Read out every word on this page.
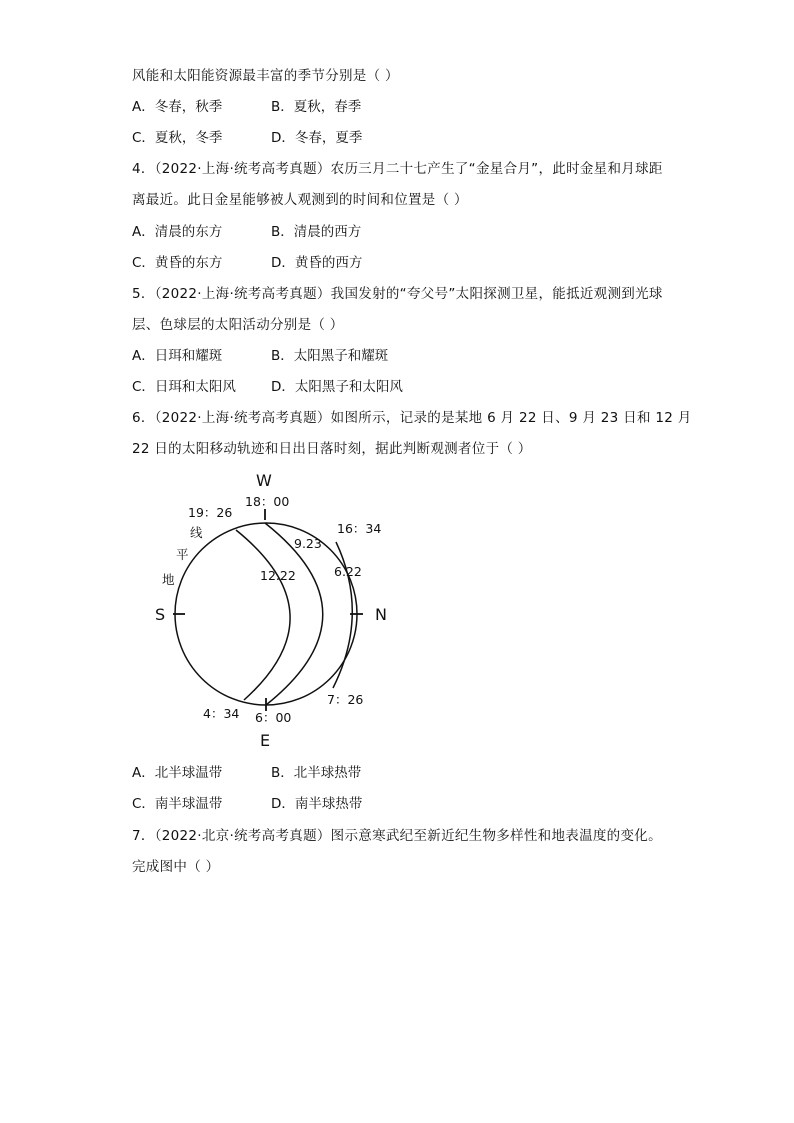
风能和太阳能资源最丰富的季节分别是（ ）
A．冬春，秋季	B．夏秋，春季
C．夏秋，冬季	D．冬春，夏季
4．（2022·上海·统考高考真题）农历三月二十七产生了“金星合月”，此时金星和月球距
离最近。此日金星能够被人观测到的时间和位置是（ ）
A．清晨的东方	B．清晨的西方
C．黄昏的东方	D．黄昏的西方
5．（2022·上海·统考高考真题）我国发射的“夸父号”太阳探测卫星，能抵近观测到光球
层、色球层的太阳活动分别是（ ）
A．日珥和耀斑	B．太阳黑子和耀斑
C．日珥和太阳风	D．太阳黑子和太阳风
6．（2022·上海·统考高考真题）如图所示，记录的是某地 6 月 22 日、9 月 23 日和 12 月
22 日的太阳移动轨迹和日出日落时刻，据此判断观测者位于（ ）
W
E
S	N
18：00
19：26
16：34
4：34 6：00
7：26
9.23
12.22	6.22
线
平
地
A．北半球温带	B．北半球热带
C．南半球温带	D．南半球热带
7．（2022·北京·统考高考真题）图示意寒武纪至新近纪生物多样性和地表温度的变化。
完成图中（ ）
